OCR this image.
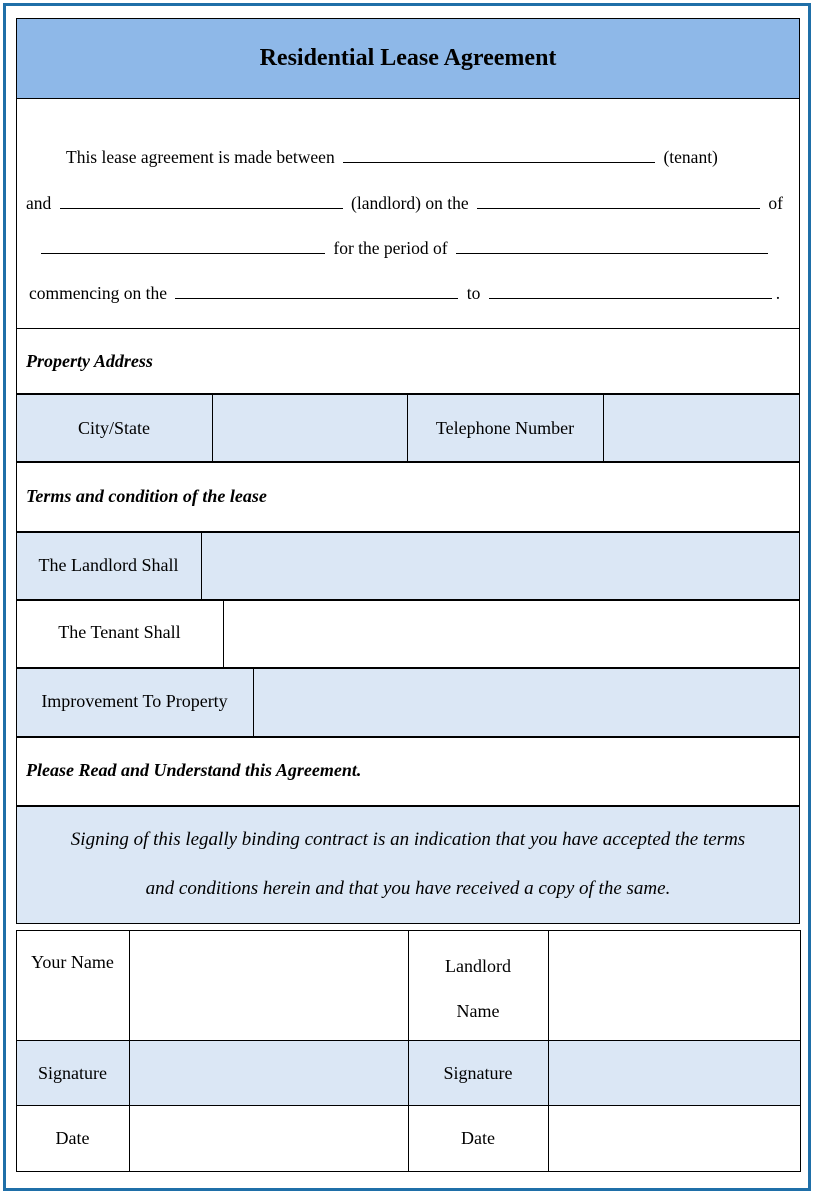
Residential Lease Agreement
This lease agreement is made between	(tenant)
and	(landlord) on the	of
for the period of
commencing on the	to	.
Property Address
City/State	Telephone Number
Terms and condition of the lease
The Landlord Shall
The Tenant Shall
Improvement To Property
Please Read and Understand this Agreement.
Signing of this legally binding contract is an indication that you have accepted the terms
and conditions herein and that you have received a copy of the same.
Your Name	Landlord
Name
Signature	Signature
Date	Date
